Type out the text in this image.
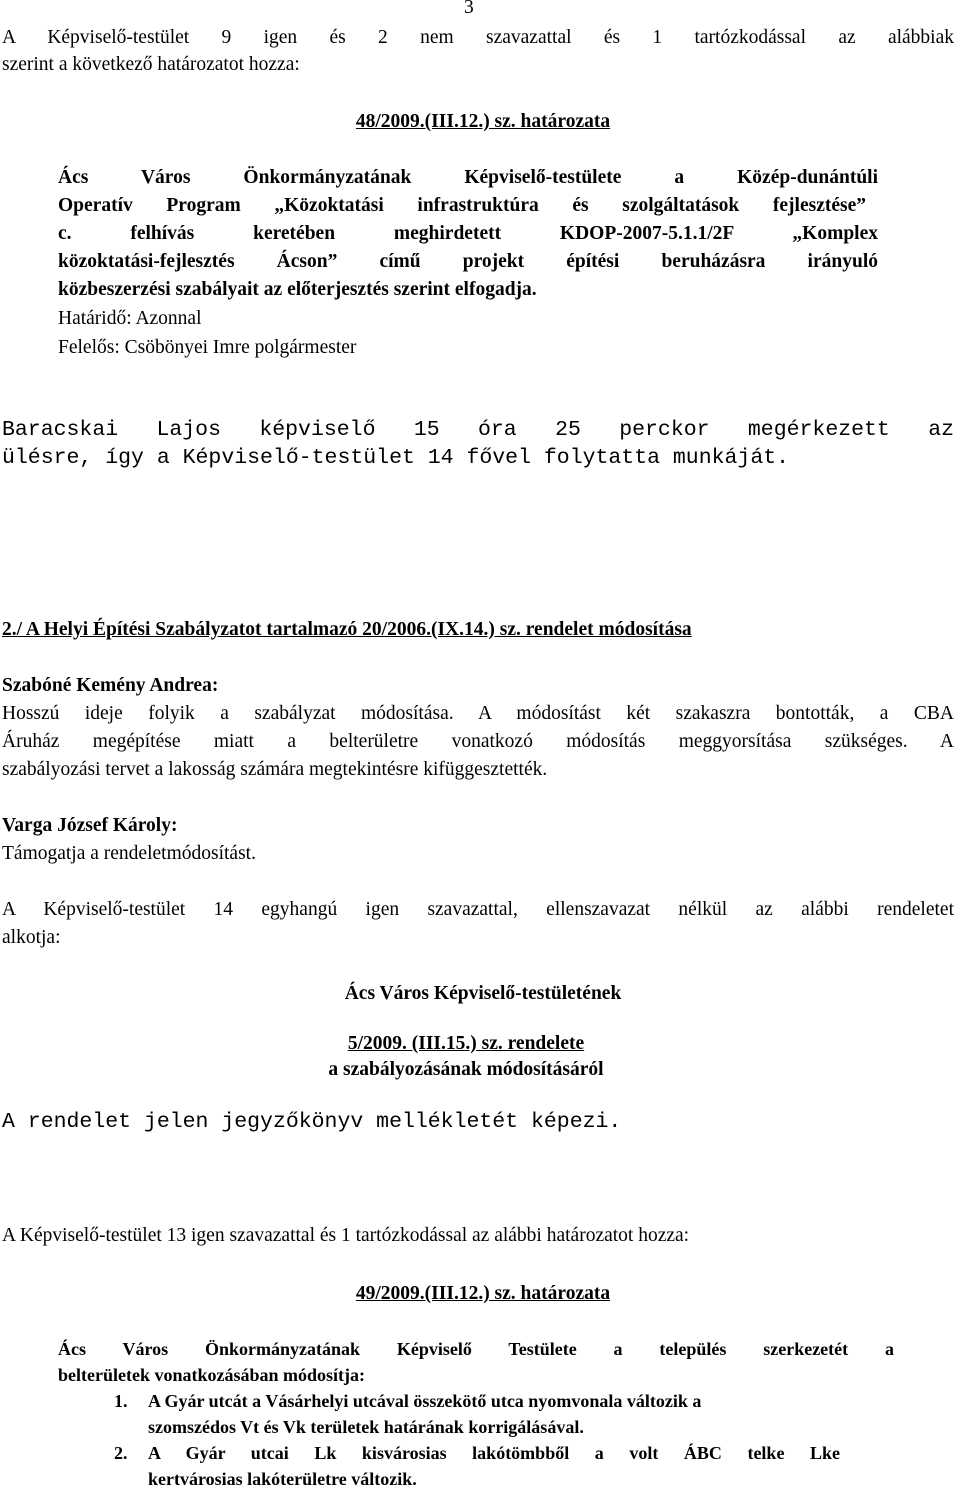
3
A Képviselő-testület 9 igen és 2 nem szavazattal és 1 tartózkodással az alábbiak
szerint a következő határozatot hozza:
48/2009.(III.12.) sz. határozata
Ács Város Önkormányzatának Képviselő-testülete a Közép-dunántúli
Operatív Program „Közoktatási infrastruktúra és szolgáltatások fejlesztése”
c. felhívás keretében meghirdetett KDOP-2007-5.1.1/2F „Komplex
közoktatási-fejlesztés Ácson” című projekt építési beruházásra irányuló
közbeszerzési szabályait az előterjesztés szerint elfogadja.
Határidő: Azonnal
Felelős: Csöbönyei Imre polgármester
Baracskai Lajos képviselő 15 óra 25 perckor megérkezett az
ülésre, így a Képviselő-testület 14 fővel folytatta munkáját.
2./ A Helyi Építési Szabályzatot tartalmazó 20/2006.(IX.14.) sz. rendelet módosítása
Szabóné Kemény Andrea:
Hosszú ideje folyik a szabályzat módosítása. A módosítást két szakaszra bontották, a CBA
Áruház megépítése miatt a belterületre vonatkozó módosítás meggyorsítása szükséges. A
szabályozási tervet a lakosság számára megtekintésre kifüggesztették.
Varga József Károly:
Támogatja a rendeletmódosítást.
A Képviselő-testület 14 egyhangú igen szavazattal, ellenszavazat nélkül az alábbi rendeletet
alkotja:
Ács Város Képviselő-testületének
5/2009. (III.15.) sz. rendelete
a szabályozásának módosításáról
A rendelet jelen jegyzőkönyv mellékletét képezi.
A Képviselő-testület 13 igen szavazattal és 1 tartózkodással az alábbi határozatot hozza:
49/2009.(III.12.) sz. határozata
Ács Város Önkormányzatának Képviselő Testülete a település szerkezetét a
belterületek vonatkozásában módosítja:
1. A Gyár utcát a Vásárhelyi utcával összekötő utca nyomvonala változik a
szomszédos Vt és Vk területek határának korrigálásával.
2. A Gyár utcai Lk kisvárosias lakótömbből a volt ÁBC telke Lke
kertvárosias lakóterületre változik.
